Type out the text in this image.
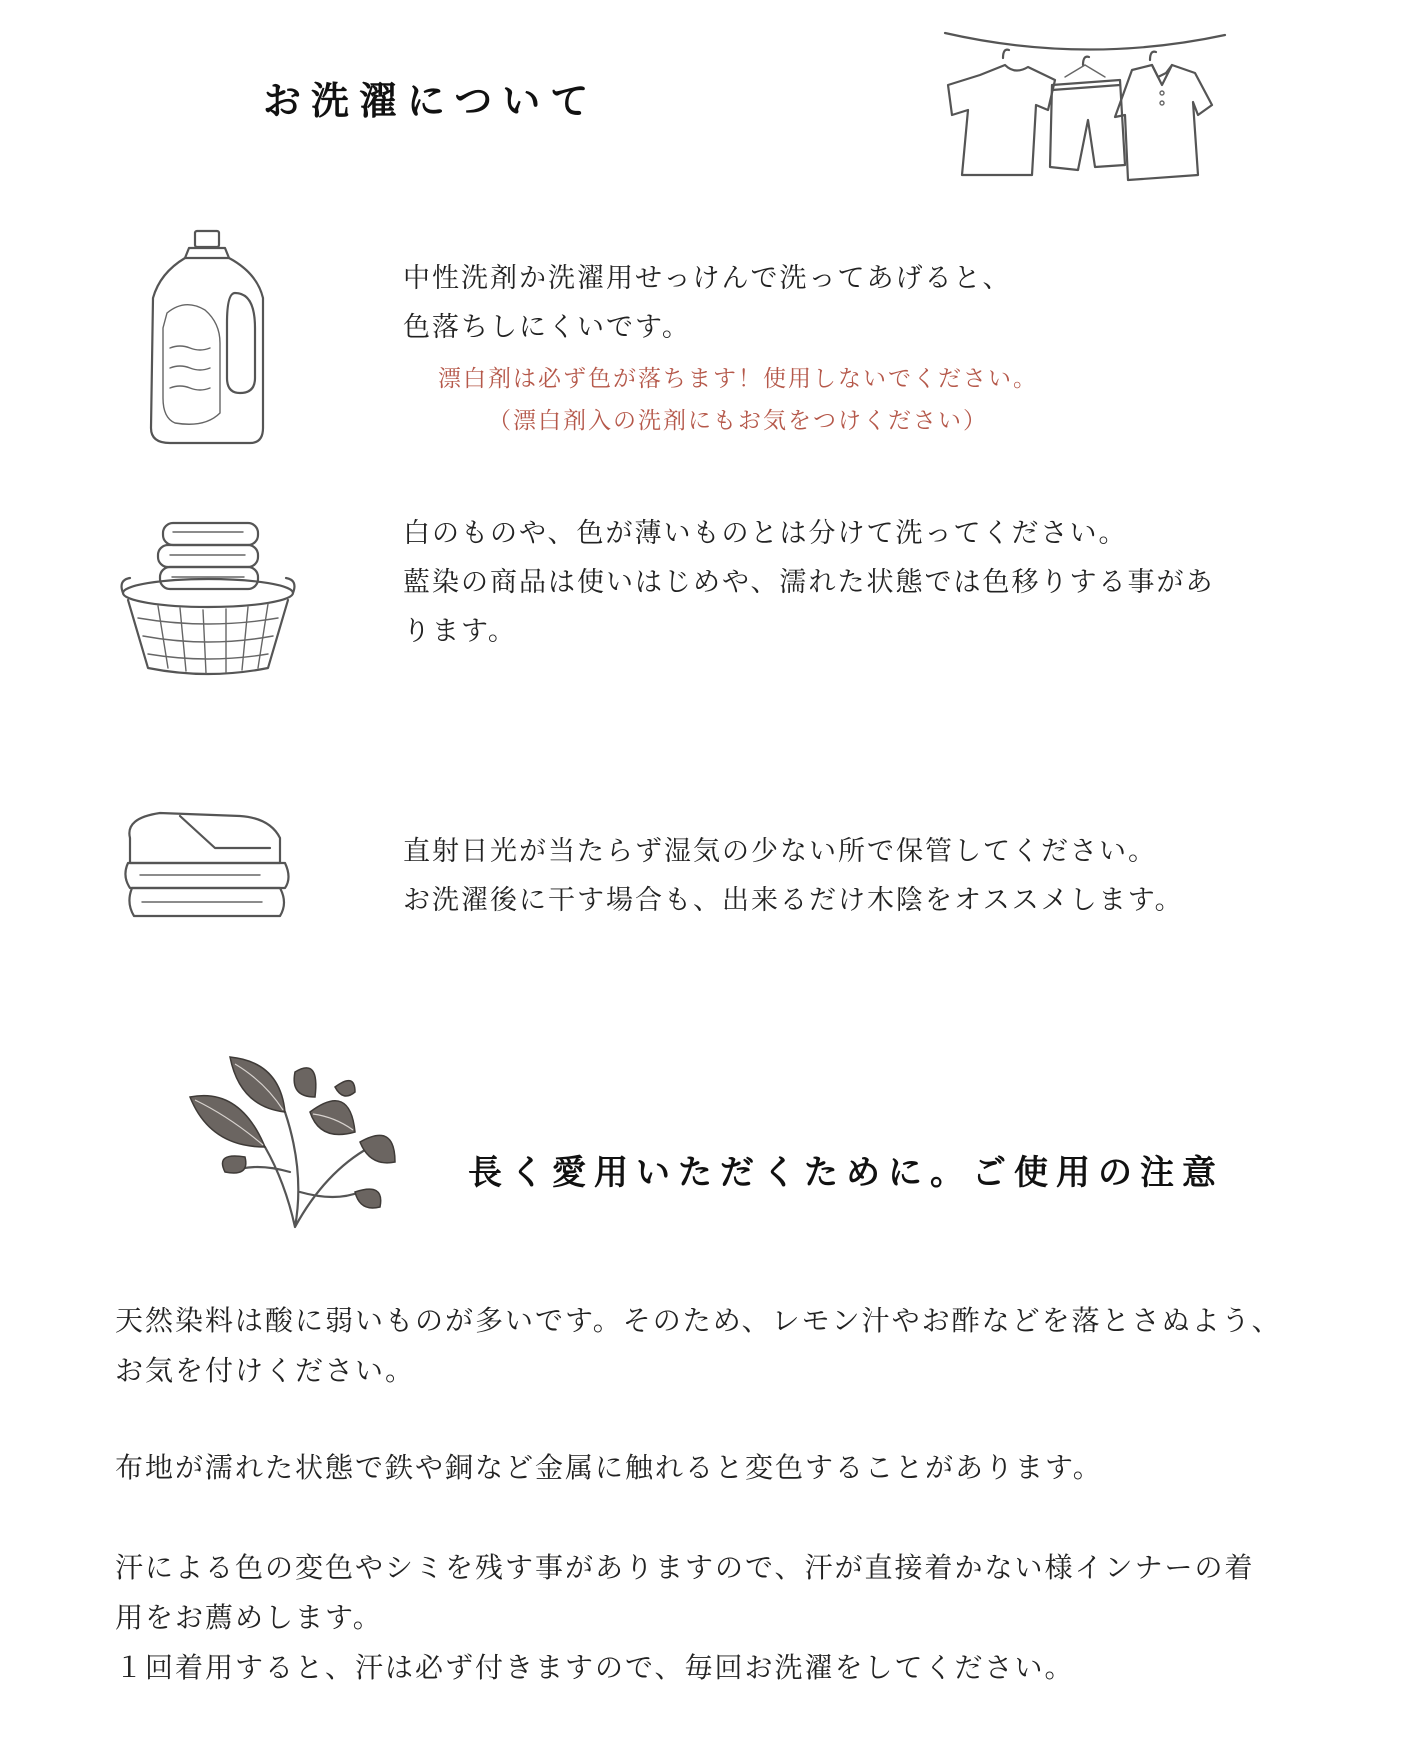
お洗濯について
中性洗剤か洗濯用せっけんで洗ってあげると、
色落ちしにくいです。
漂白剤は必ず色が落ちます！使用しないでください。
（漂白剤入の洗剤にもお気をつけください）
白のものや、色が薄いものとは分けて洗ってください。
藍染の商品は使いはじめや、濡れた状態では色移りする事があ
ります。
直射日光が当たらず湿気の少ない所で保管してください。
お洗濯後に干す場合も、出来るだけ木陰をオススメします。
長く愛用いただくために。ご使用の注意
天然染料は酸に弱いものが多いです。そのため、レモン汁やお酢などを落とさぬよう、
お気を付けください。
布地が濡れた状態で鉄や銅など金属に触れると変色することがあります。
汗による色の変色やシミを残す事がありますので、汗が直接着かない様インナーの着
用をお薦めします。
１回着用すると、汗は必ず付きますので、毎回お洗濯をしてください。
